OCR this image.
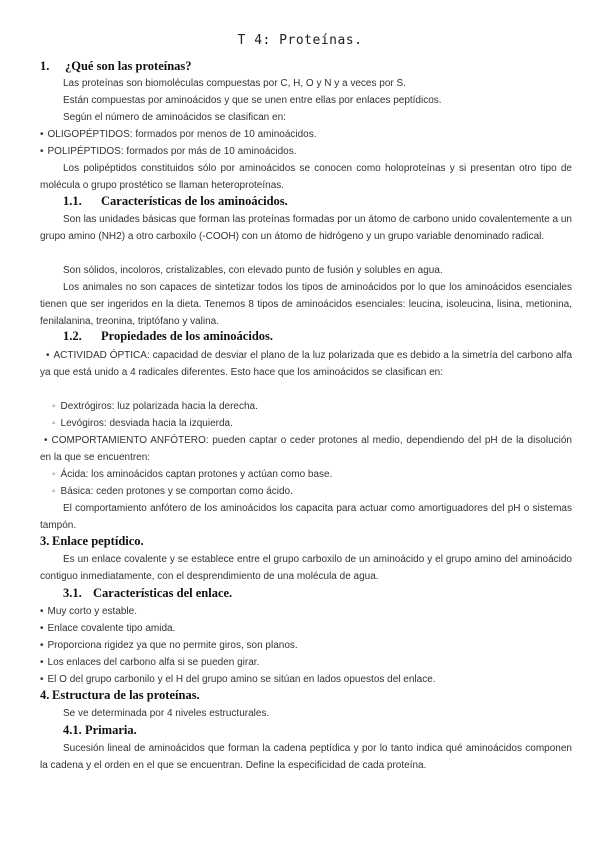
T 4: Proteínas.
1. ¿Qué son las proteínas?
Las proteínas son biomoléculas compuestas por C, H, O y N y a veces por S.
Están compuestas por aminoácidos y que se unen entre ellas por enlaces peptídicos.
Según el número de aminoácidos se clasifican en:
• OLIGOPÉPTIDOS: formados por menos de 10 aminoácidos.
• POLIPÉPTIDOS: formados por más de 10 aminoácidos.
Los polipéptidos constituidos sólo por aminoácidos se conocen como holoproteínas y si presentan otro tipo de molécula o grupo prostético se llaman heteroproteínas.
1.1. Características de los aminoácidos.
Son las unidades básicas que forman las proteínas formadas por un átomo de carbono unido covalentemente a un grupo amino (NH2) a otro carboxilo (-COOH) con un átomo de hidrógeno y un grupo variable denominado radical.
Son sólidos, incoloros, cristalizables, con elevado punto de fusión y solubles en agua.
Los animales no son capaces de sintetizar todos los tipos de aminoácidos por lo que los aminoácidos esenciales tienen que ser ingeridos en la dieta. Tenemos 8 tipos de aminoácidos esenciales: leucina, isoleucina, lisina, metionina, fenilalanina, treonina, triptófano y valina.
1.2. Propiedades de los aminoácidos.
• ACTIVIDAD ÓPTICA: capacidad de desviar el plano de la luz polarizada que es debido a la simetría del carbono alfa ya que está unido a 4 radicales diferentes. Esto hace que los aminoácidos se clasifican en:
◦ Dextrógiros: luz polarizada hacia la derecha.
◦ Levógiros: desviada hacia la izquierda.
• COMPORTAMIENTO ANFÓTERO: pueden captar o ceder protones al medio, dependiendo del pH de la disolución en la que se encuentren:
◦ Ácida: los aminoácidos captan protones y actúan como base.
◦ Básica: ceden protones y se comportan como ácido.
El comportamiento anfótero de los aminoácidos los capacita para actuar como amortiguadores del pH o sistemas tampón.
3. Enlace peptídico.
Es un enlace covalente y se establece entre el grupo carboxilo de un aminoácido y el grupo amino del aminoácido contiguo inmediatamente, con el desprendimiento de una molécula de agua.
3.1. Características del enlace.
• Muy corto y estable.
• Enlace covalente tipo amida.
• Proporciona rigidez ya que no permite giros, son planos.
• Los enlaces del carbono alfa si se pueden girar.
• El O del grupo carbonilo y el H del grupo amino se sitúan en lados opuestos del enlace.
4. Estructura de las proteínas.
Se ve determinada por 4 niveles estructurales.
4.1. Primaria.
Sucesión lineal de aminoácidos que forman la cadena peptídica y por lo tanto indica qué aminoácidos componen la cadena y el orden en el que se encuentran. Define la especificidad de cada proteína.
